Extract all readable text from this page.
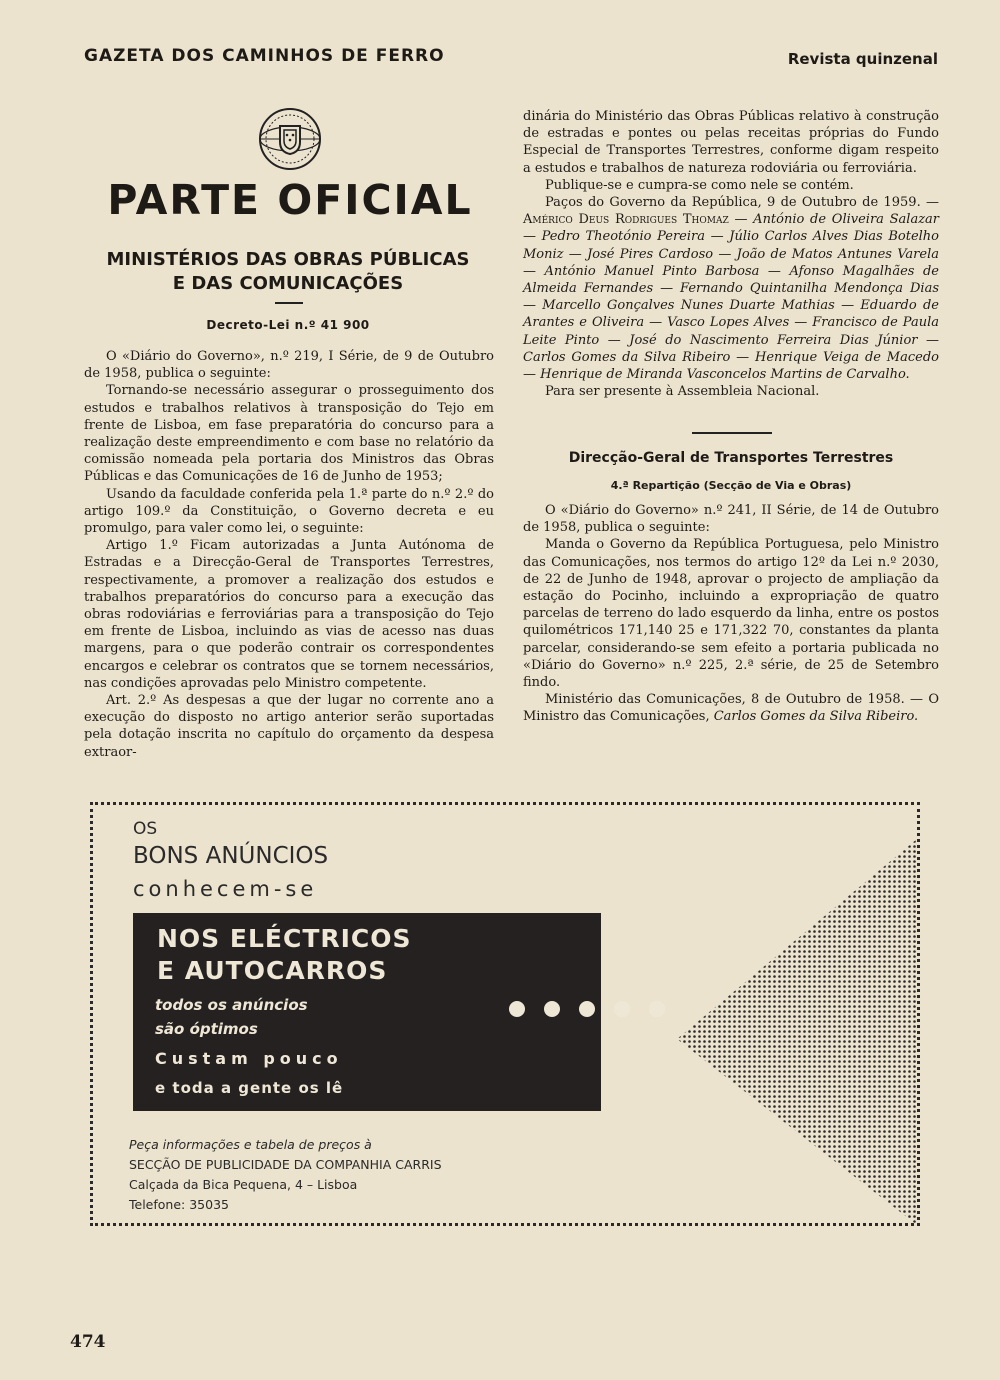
GAZETA DOS CAMINHOS DE FERRO	Revista quinzenal
PARTE OFICIAL
MINISTÉRIOS DAS OBRAS PÚBLICAS
E DAS COMUNICAÇÕES
Decreto-Lei n.º 41 900

O «Diário do Governo», n.º 219, I Série, de 9 de Outubro de 1958, publica o seguinte:

Tornando-se necessário assegurar o prosseguimento dos estudos e trabalhos relativos à transposição do Tejo em frente de Lisboa, em fase preparatória do concurso para a realização deste empreendimento e com base no relatório da comissão nomeada pela portaria dos Ministros das Obras Públicas e das Comunicações de 16 de Junho de 1953;

Usando da faculdade conferida pela 1.ª parte do n.º 2.º do artigo 109.º da Constituição, o Governo decreta e eu promulgo, para valer como lei, o seguinte:

Artigo 1.º Ficam autorizadas a Junta Autónoma de Estradas e a Direcção-Geral de Transportes Terrestres, respectivamente, a promover a realização dos estudos e trabalhos preparatórios do concurso para a execução das obras rodoviárias e ferroviárias para a transposição do Tejo em frente de Lisboa, incluindo as vias de acesso nas duas margens, para o que poderão contrair os correspondentes encargos e celebrar os contratos que se tornem necessários, nas condições aprovadas pelo Ministro competente.

Art. 2.º As despesas a que der lugar no corrente ano a execução do disposto no artigo anterior serão suportadas pela dotação inscrita no capítulo do orçamento da despesa extraor-

dinária do Ministério das Obras Públicas relativo à construção de estradas e pontes ou pelas receitas próprias do Fundo Especial de Transportes Terrestres, conforme digam respeito a estudos e trabalhos de natureza rodoviária ou ferroviária.

Publique-se e cumpra-se como nele se contém.

Paços do Governo da República, 9 de Outubro de 1959. — Américo Deus Rodrigues Thomaz — António de Oliveira Salazar — Pedro Theotónio Pereira — Júlio Carlos Alves Dias Botelho Moniz — José Pires Cardoso — João de Matos Antunes Varela — António Manuel Pinto Barbosa — Afonso Magalhães de Almeida Fernandes — Fernando Quintanilha Mendonça Dias — Marcello Gonçalves Nunes Duarte Mathias — Eduardo de Arantes e Oliveira — Vasco Lopes Alves — Francisco de Paula Leite Pinto — José do Nascimento Ferreira Dias Júnior — Carlos Gomes da Silva Ribeiro — Henrique Veiga de Macedo — Henrique de Miranda Vasconcelos Martins de Carvalho.

Para ser presente à Assembleia Nacional.

Direcção-Geral de Transportes Terrestres
4.ª Repartição (Secção de Via e Obras)

O «Diário do Governo» n.º 241, II Série, de 14 de Outubro de 1958, publica o seguinte:

Manda o Governo da República Portuguesa, pelo Ministro das Comunicações, nos termos do artigo 12º da Lei n.º 2030, de 22 de Junho de 1948, aprovar o projecto de ampliação da estação do Pocinho, incluindo a expropriação de quatro parcelas de terreno do lado esquerdo da linha, entre os postos quilométricos 171,140 25 e 171,322 70, constantes da planta parcelar, considerando-se sem efeito a portaria publicada no «Diário do Governo» n.º 225, 2.ª série, de 25 de Setembro findo.

Ministério das Comunicações, 8 de Outubro de 1958. — O Ministro das Comunicações, Carlos Gomes da Silva Ribeiro.

OS
BONS ANÚNCIOS
conhecem-se
NOS ELÉCTRICOS
E AUTOCARROS
todos os anúncios
são óptimos
Custam pouco
e toda a gente os lê
Peça informações e tabela de preços à
SECÇÃO DE PUBLICIDADE DA COMPANHIA CARRIS
Calçada da Bica Pequena, 4 – Lisboa
Telefone: 35035
474
